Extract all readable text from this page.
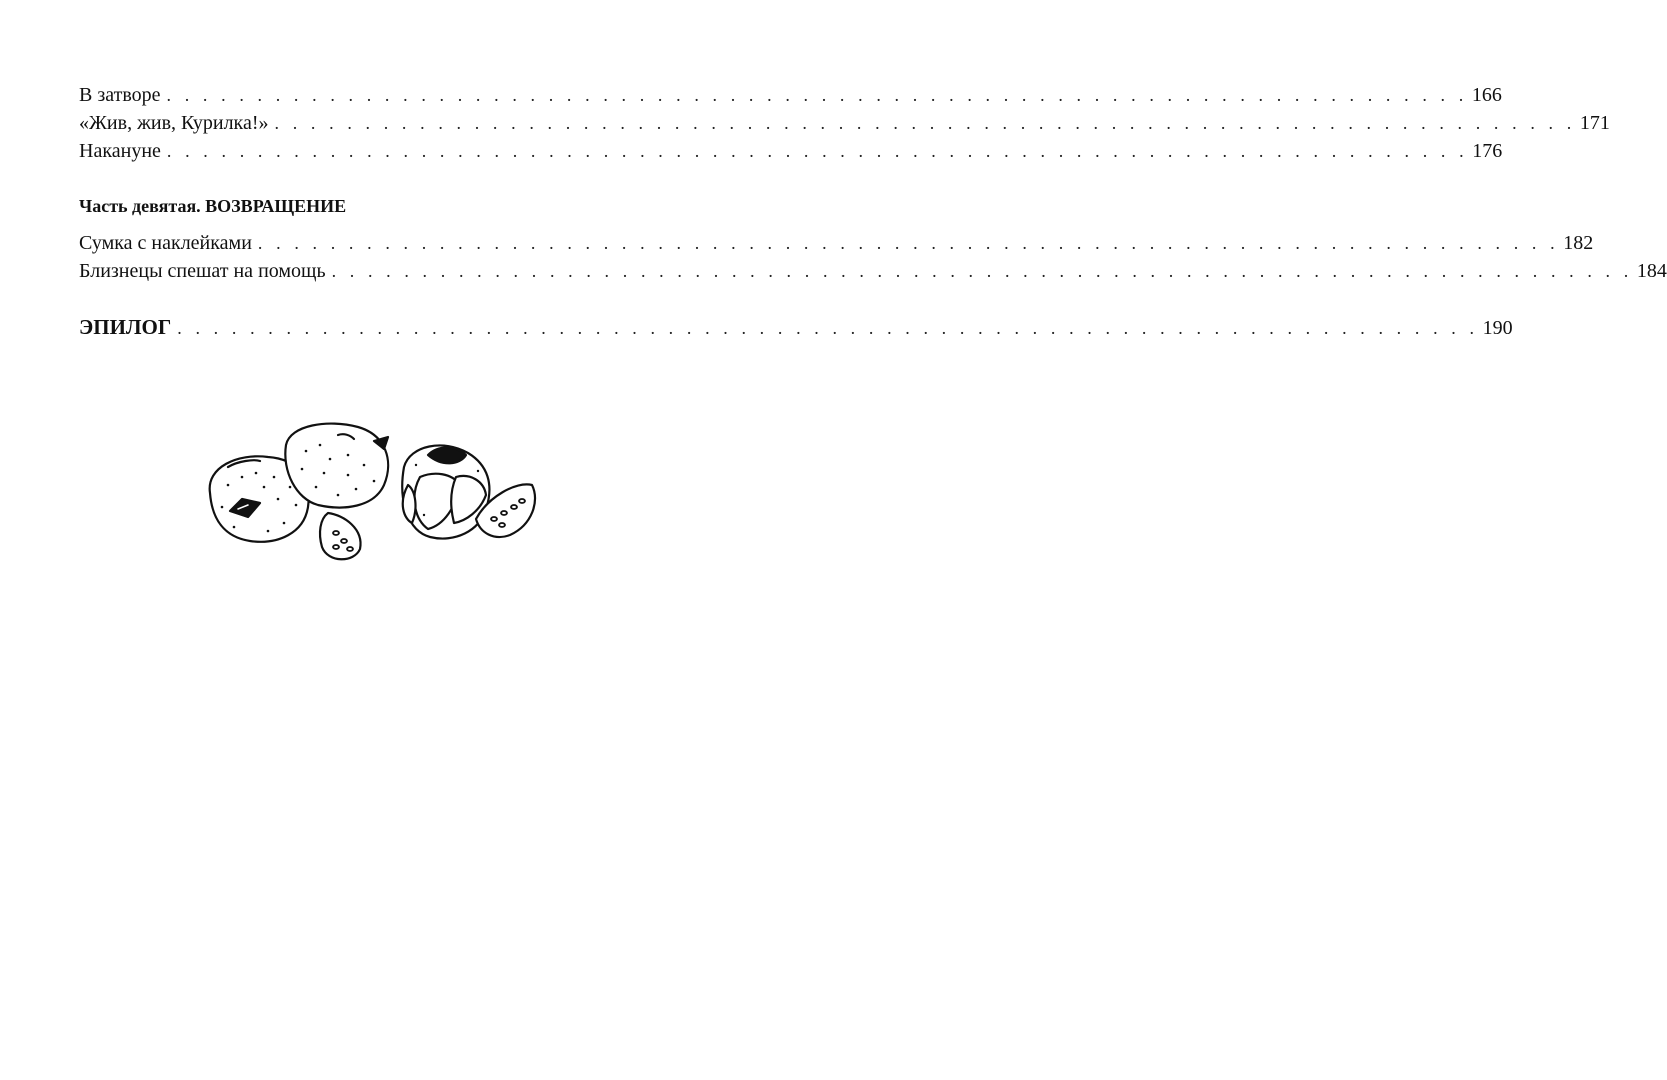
В затворе . . . . . . . . . . . . . . . . . . . . . . . . . . . . . . . . . . . . . . . . . . . . . . . . . . . . . . . . . . . . . . . . . . . . . . . . 166
«Жив, жив, Курилка!» . . . . . . . . . . . . . . . . . . . . . . . . . . . . . . . . . . . . . . . . . . . . . . . . . . . . . . . . . . . . . . . . . . . . . . . . 171
Накануне . . . . . . . . . . . . . . . . . . . . . . . . . . . . . . . . . . . . . . . . . . . . . . . . . . . . . . . . . . . . . . . . . . . . . . . . 176
Часть девятая. ВОЗВРАЩЕНИЕ
Сумка с наклейками . . . . . . . . . . . . . . . . . . . . . . . . . . . . . . . . . . . . . . . . . . . . . . . . . . . . . . . . . . . . . . . . . . . . . . . . 182
Близнецы спешат на помощь . . . . . . . . . . . . . . . . . . . . . . . . . . . . . . . . . . . . . . . . . . . . . . . . . . . . . . . . . . . . . . . . . . . . . . . . 184
ЭПИЛОГ . . . . . . . . . . . . . . . . . . . . . . . . . . . . . . . . . . . . . . . . . . . . . . . . . . . . . . . . . . . . . . . . . . . . . . . . 190
